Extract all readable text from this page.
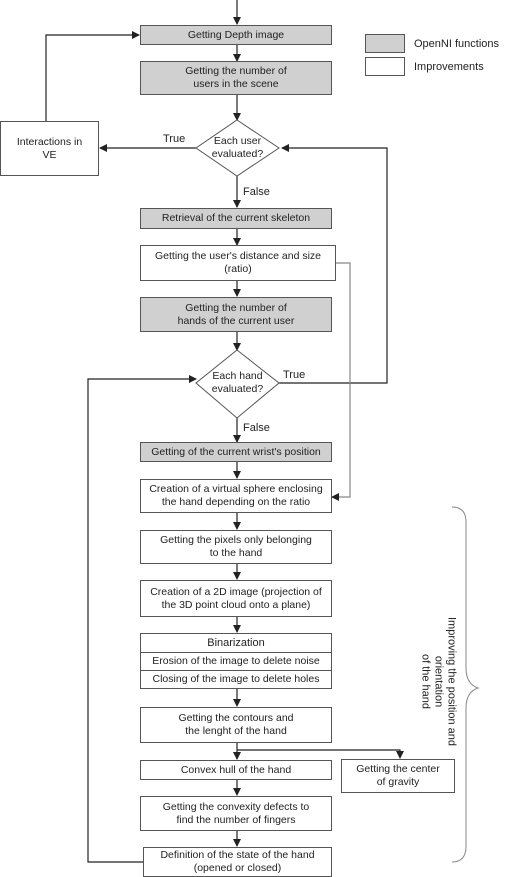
OpenNI functions
Improvements
Getting Depth image
Getting the number of
users in the scene
Interactions in
VE
Each user
evaluated?
Retrieval of the current skeleton
Getting the user's distance and size
(ratio)
Getting the number of
hands of the current user
Each hand
evaluated?
Getting of the current wrist's position
Creation of a virtual sphere enclosing
the hand depending on the ratio
Getting the pixels only belonging
to the hand
Creation of a 2D image (projection of
the 3D point cloud onto a plane)
Binarization
Erosion of the image to delete noise
Closing of the image to delete holes
Getting the contours and
the lenght of the hand
Convex hull of the hand	Getting the center
of gravity
Getting the convexity defects to
find the number of fingers
Definition of the state of the hand
(opened or closed)
True
False
True
False
Improving the position and orientation
of the hand
